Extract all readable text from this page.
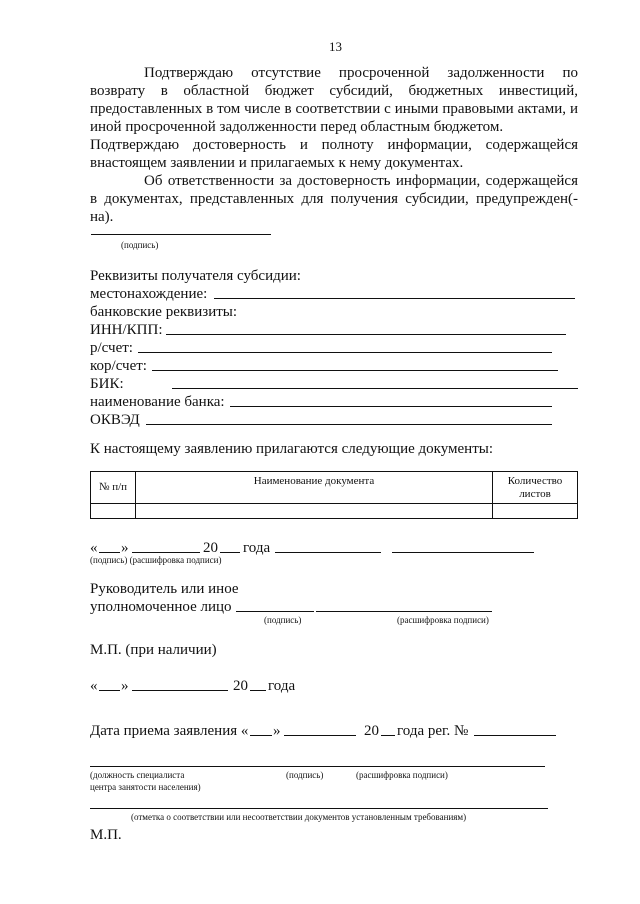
13
Подтверждаю отсутствие просроченной задолженности по возврату в областной бюджет субсидий, бюджетных инвестиций, предоставленных в том числе в соответствии с иными правовыми актами, и иной просроченной задолженности перед областным бюджетом.
Подтверждаю достоверность и полноту информации, содержащейся внастоящем заявлении и прилагаемых к нему документах.
Об ответственности за достоверность информации, содержащейся в документах, представленных для получения субсидии, предупрежден(-на).
(подпись)
Реквизиты получателя субсидии:
местонахождение:
банковские реквизиты:
ИНН/КПП:
р/счет:
кор/счет:
БИК:
наименование банка:
ОКВЭД
К настоящему заявлению прилагаются следующие документы:
№ п/п	Наименование документа	Количество листов

« »	20 года
(подпись) (расшифровка подписи)
Руководитель или иное
уполномоченное лицо
(подпись)	(расшифровка подписи)
М.П. (при наличии)
« »	20 года
Дата приема заявления « »	20 года рег. №
(должность специалиста	(подпись)	(расшифровка подписи)
центра занятости населения)
(отметка о соответствии или несоответствии документов установленным требованиям)
М.П.
